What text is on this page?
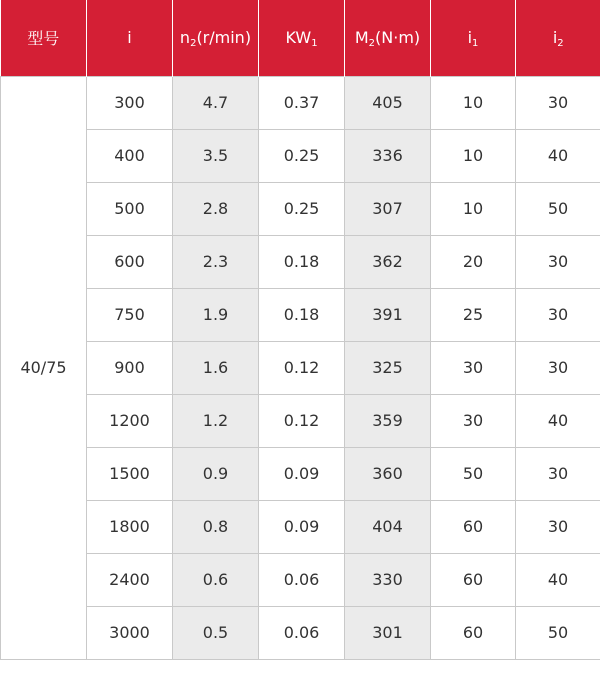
型号	i	$n_2(r/\min)$	$KW_1$	$M_2(N\cdot m)$	$i_1$	$i_2$
40/75	300	4.7	0.37	405	10	30
	400	3.5	0.25	336	10	40
	500	2.8	0.25	307	10	50
	600	2.3	0.18	362	20	30
	750	1.9	0.18	391	25	30
	900	1.6	0.12	325	30	30
	1200	1.2	0.12	359	30	40
	1500	0.9	0.09	360	50	30
	1800	0.8	0.09	404	60	30
	2400	0.6	0.06	330	60	40
	3000	0.5	0.06	301	60	50
